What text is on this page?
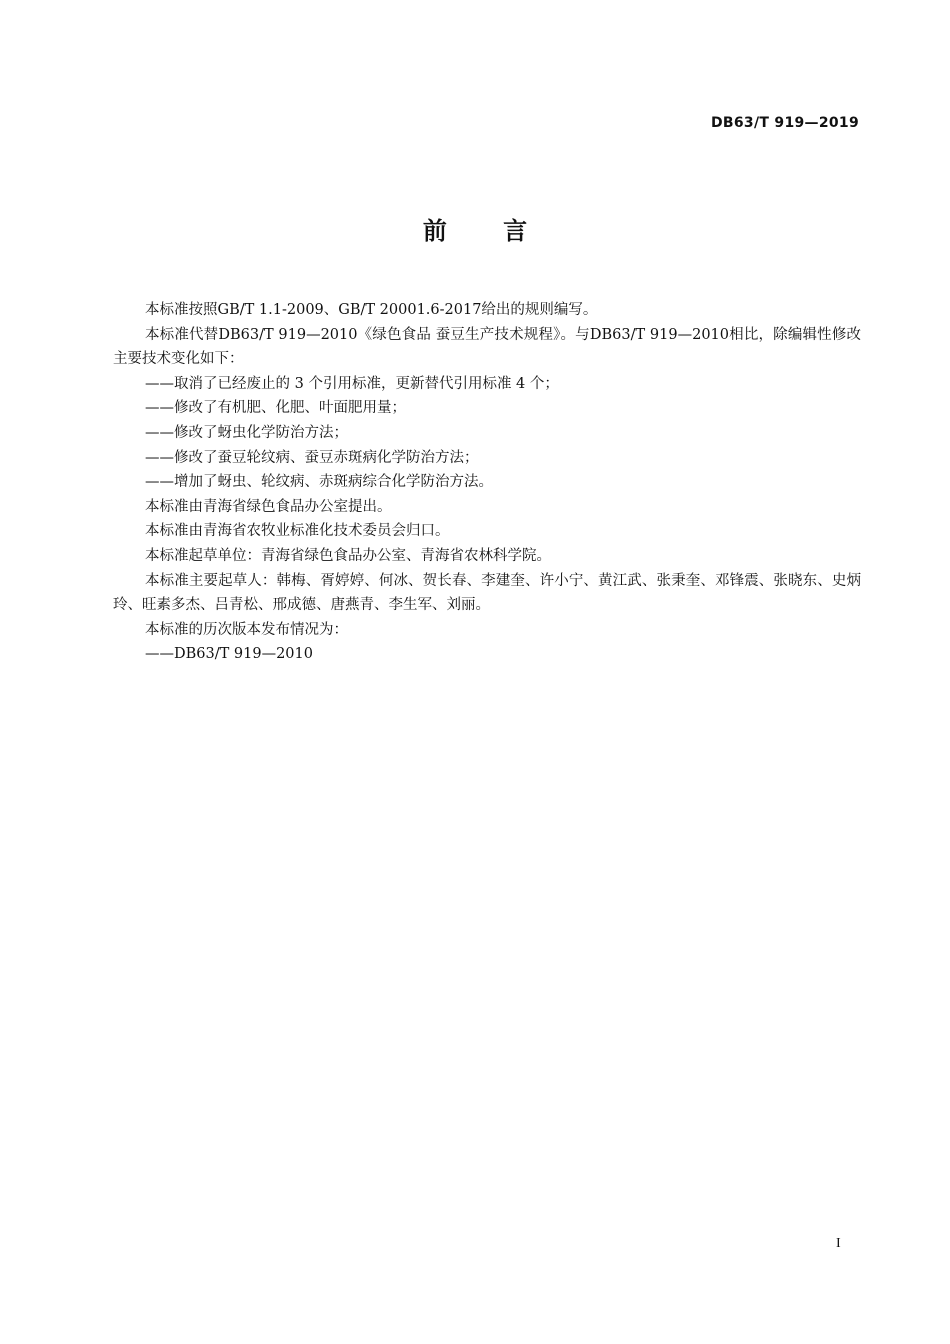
DB63/T 919—2019
前 言

本标准按照GB/T 1.1-2009、GB/T 20001.6-2017给出的规则编写。

本标准代替DB63/T 919—2010《绿色食品 蚕豆生产技术规程》。与DB63/T 919—2010相比，除编辑性修改主要技术变化如下：

——取消了已经废止的 3 个引用标准，更新替代引用标准 4 个；

——修改了有机肥、化肥、叶面肥用量；

——修改了蚜虫化学防治方法；

——修改了蚕豆轮纹病、蚕豆赤斑病化学防治方法；

——增加了蚜虫、轮纹病、赤斑病综合化学防治方法。

本标准由青海省绿色食品办公室提出。

本标准由青海省农牧业标准化技术委员会归口。

本标准起草单位：青海省绿色食品办公室、青海省农林科学院。

本标准主要起草人：韩梅、胥婷婷、何冰、贺长春、李建奎、许小宁、黄江武、张秉奎、邓锋震、张晓东、史炳玲、旺素多杰、吕青松、邢成德、唐燕青、李生军、刘丽。

本标准的历次版本发布情况为：

——DB63/T 919—2010

I
